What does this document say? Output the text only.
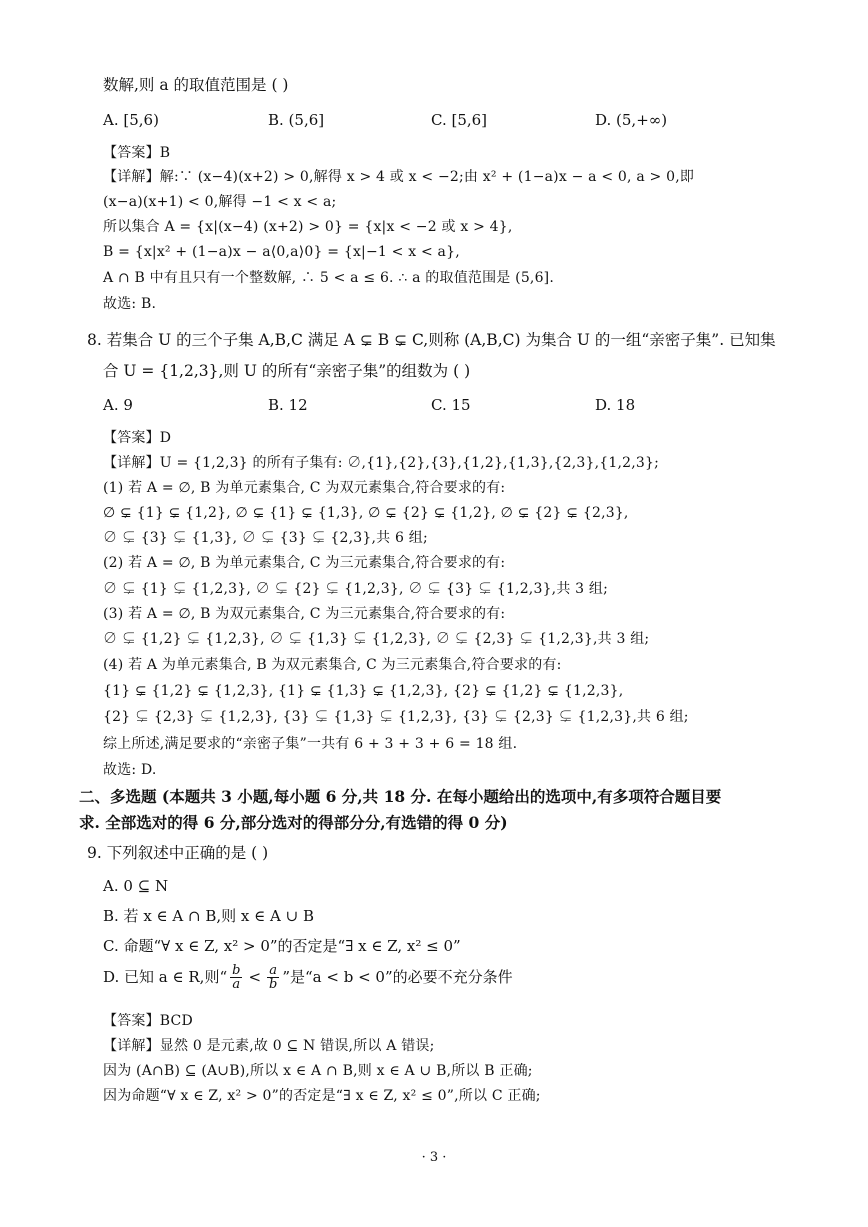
数解,则 a 的取值范围是 ( )
A. [5,6)	B. (5,6]	C. [5,6]	D. (5,+∞)
【答案】B
【详解】解:∵ (x−4)(x+2) > 0,解得 x > 4 或 x < −2;由 x² + (1−a)x − a < 0, a > 0,即
(x−a)(x+1) < 0,解得 −1 < x < a;
所以集合 A = {x|(x−4) (x+2) > 0} = {x|x < −2 或 x > 4},
B = {x|x² + (1−a)x − a⟨0,a⟩0} = {x|−1 < x < a},
A ∩ B 中有且只有一个整数解, ∴ 5 < a ≤ 6. ∴ a 的取值范围是 (5,6].
故选: B.
8. 若集合 U 的三个子集 A,B,C 满足 A ⊊ B ⊊ C,则称 (A,B,C) 为集合 U 的一组“亲密子集”. 已知集
合 U = {1,2,3},则 U 的所有“亲密子集”的组数为 ( )
A. 9	B. 12	C. 15	D. 18
【答案】D
【详解】U = {1,2,3} 的所有子集有: ∅,{1},{2},{3},{1,2},{1,3},{2,3},{1,2,3};
(1) 若 A = ∅, B 为单元素集合, C 为双元素集合,符合要求的有:
∅ ⊊ {1} ⊊ {1,2}, ∅ ⊊ {1} ⊊ {1,3}, ∅ ⊊ {2} ⊊ {1,2}, ∅ ⊊ {2} ⊊ {2,3},
∅ ⊊ {3} ⊊ {1,3}, ∅ ⊊ {3} ⊊ {2,3},共 6 组;
(2) 若 A = ∅, B 为单元素集合, C 为三元素集合,符合要求的有:
∅ ⊊ {1} ⊊ {1,2,3}, ∅ ⊊ {2} ⊊ {1,2,3}, ∅ ⊊ {3} ⊊ {1,2,3},共 3 组;
(3) 若 A = ∅, B 为双元素集合, C 为三元素集合,符合要求的有:
∅ ⊊ {1,2} ⊊ {1,2,3}, ∅ ⊊ {1,3} ⊊ {1,2,3}, ∅ ⊊ {2,3} ⊊ {1,2,3},共 3 组;
(4) 若 A 为单元素集合, B 为双元素集合, C 为三元素集合,符合要求的有:
{1} ⊊ {1,2} ⊊ {1,2,3}, {1} ⊊ {1,3} ⊊ {1,2,3}, {2} ⊊ {1,2} ⊊ {1,2,3},
{2} ⊊ {2,3} ⊊ {1,2,3}, {3} ⊊ {1,3} ⊊ {1,2,3}, {3} ⊊ {2,3} ⊊ {1,2,3},共 6 组;
综上所述,满足要求的“亲密子集”一共有 6 + 3 + 3 + 6 = 18 组.
故选: D.
二、多选题 (本题共 3 小题,每小题 6 分,共 18 分. 在每小题给出的选项中,有多项符合题目要
求. 全部选对的得 6 分,部分选对的得部分分,有选错的得 0 分)
9. 下列叙述中正确的是 ( )
A. 0 ⊆ N
B. 若 x ∈ A ∩ B,则 x ∈ A ∪ B
C. 命题“∀ x ∈ Z, x² > 0”的否定是“∃ x ∈ Z, x² ≤ 0”
D. 已知 a ∈ R,则“ $\frac{b}{a} < \frac{a}{b}$ ”是“a < b < 0”的必要不充分条件
【答案】BCD
【详解】显然 0 是元素,故 0 ⊆ N 错误,所以 A 错误;
因为 (A∩B) ⊆ (A∪B),所以 x ∈ A ∩ B,则 x ∈ A ∪ B,所以 B 正确;
因为命题“∀ x ∈ Z, x² > 0”的否定是“∃ x ∈ Z, x² ≤ 0”,所以 C 正确;
· 3 ·
